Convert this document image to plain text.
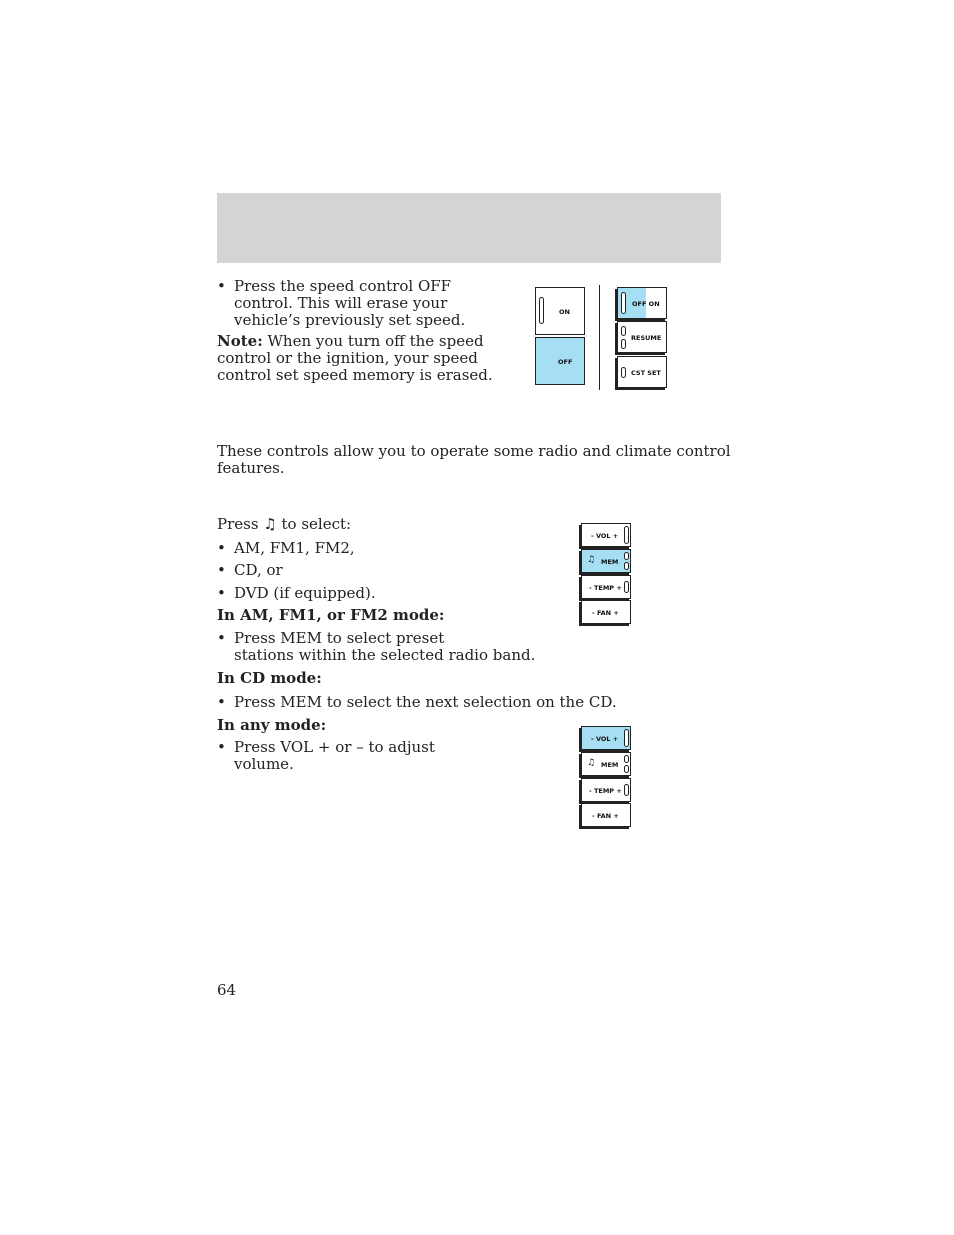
• Press the speed control OFF
control. This will erase your
vehicle’s previously set speed.
Note: When you turn off the speed
control or the ignition, your speed
control set speed memory is erased.
ON
OFF
OFF ON
RESUME
CST SET
These controls allow you to operate some radio and climate control
features.
Press ♫ to select:
• AM, FM1, FM2,
• CD, or
• DVD (if equipped).
In AM, FM1, or FM2 mode:
• Press MEM to select preset
stations within the selected radio band.
In CD mode:
• Press MEM to select the next selection on the CD.
In any mode:
• Press VOL + or – to adjust
volume.
- VOL +
♫ MEM
- TEMP +
- FAN +
- VOL +
♫ MEM
- TEMP +
- FAN +
64
